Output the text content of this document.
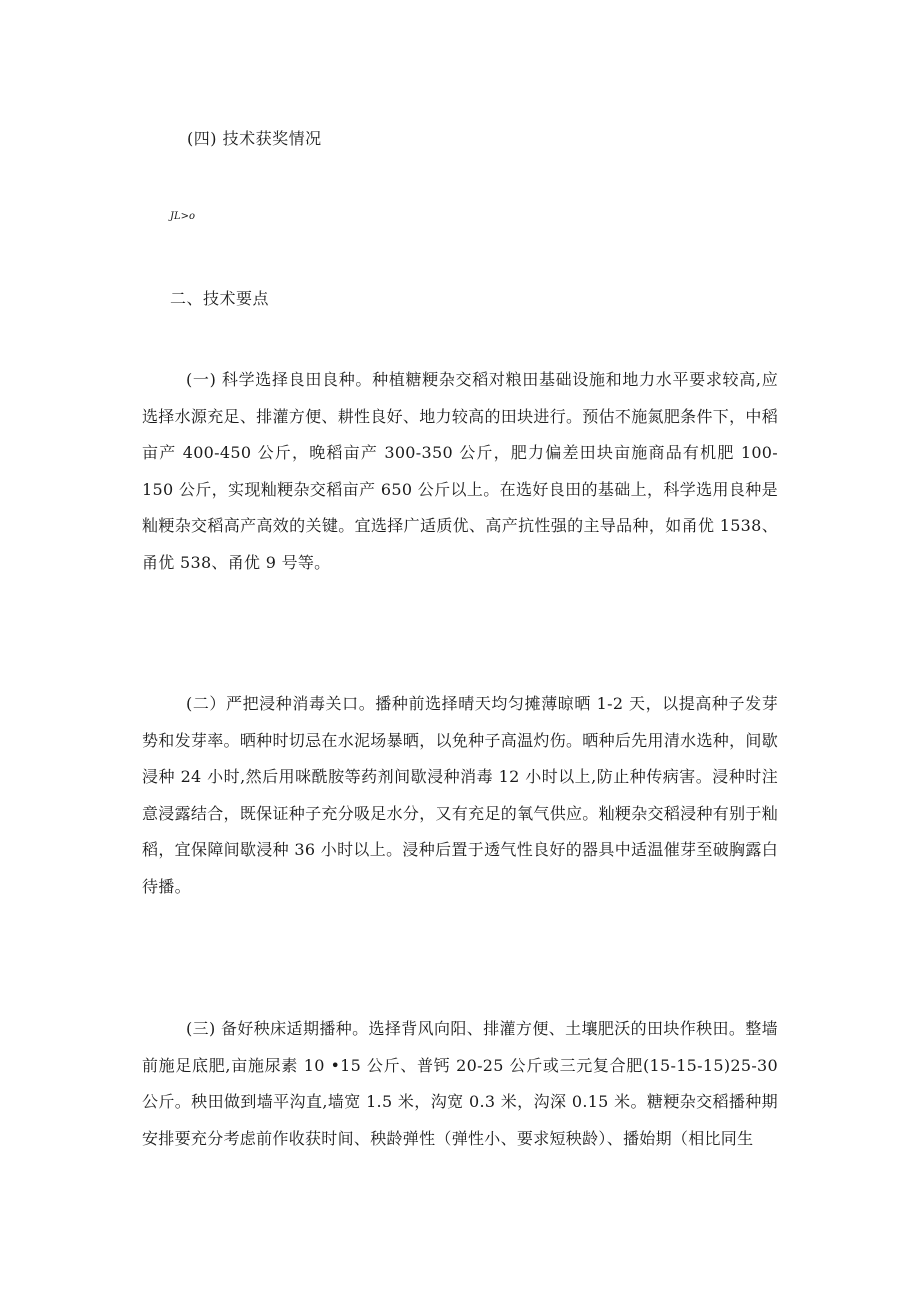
(四) 技术获奖情况
JL>o
二、技术要点

(一) 科学选择良田良种。种植糖粳杂交稻对粮田基础设施和地力水平要求较高,应选择水源充足、排灌方便、耕性良好、地力较高的田块进行。预估不施氮肥条件下，中稻亩产 400-450 公斤，晚稻亩产 300-350 公斤，肥力偏差田块亩施商品有机肥 100-150 公斤，实现籼粳杂交稻亩产 650 公斤以上。在选好良田的基础上，科学选用良种是籼粳杂交稻高产高效的关键。宜选择广适质优、高产抗性强的主导品种，如甬优 1538、甬优 538、甬优 9 号等。

(二）严把浸种消毒关口。播种前选择晴天均匀摊薄晾晒 1-2 天，以提高种子发芽势和发芽率。晒种时切忌在水泥场暴晒，以免种子高温灼伤。晒种后先用清水选种，间歇浸种 24 小时,然后用咪酰胺等药剂间歇浸种消毒 12 小时以上,防止种传病害。浸种时注意浸露结合，既保证种子充分吸足水分，又有充足的氧气供应。籼粳杂交稻浸种有别于籼稻，宜保障间歇浸种 36 小时以上。浸种后置于透气性良好的器具中适温催芽至破胸露白待播。

(三) 备好秧床适期播种。选择背风向阳、排灌方便、土壤肥沃的田块作秧田。整墙前施足底肥,亩施尿素 10 •15 公斤、普钙 20-25 公斤或三元复合肥(15-15-15)25-30 公斤。秧田做到墙平沟直,墙宽 1.5 米，沟宽 0.3 米，沟深 0.15 米。糖粳杂交稻播种期安排要充分考虑前作收获时间、秧龄弹性（弹性小、要求短秧龄）、播始期（相比同生
